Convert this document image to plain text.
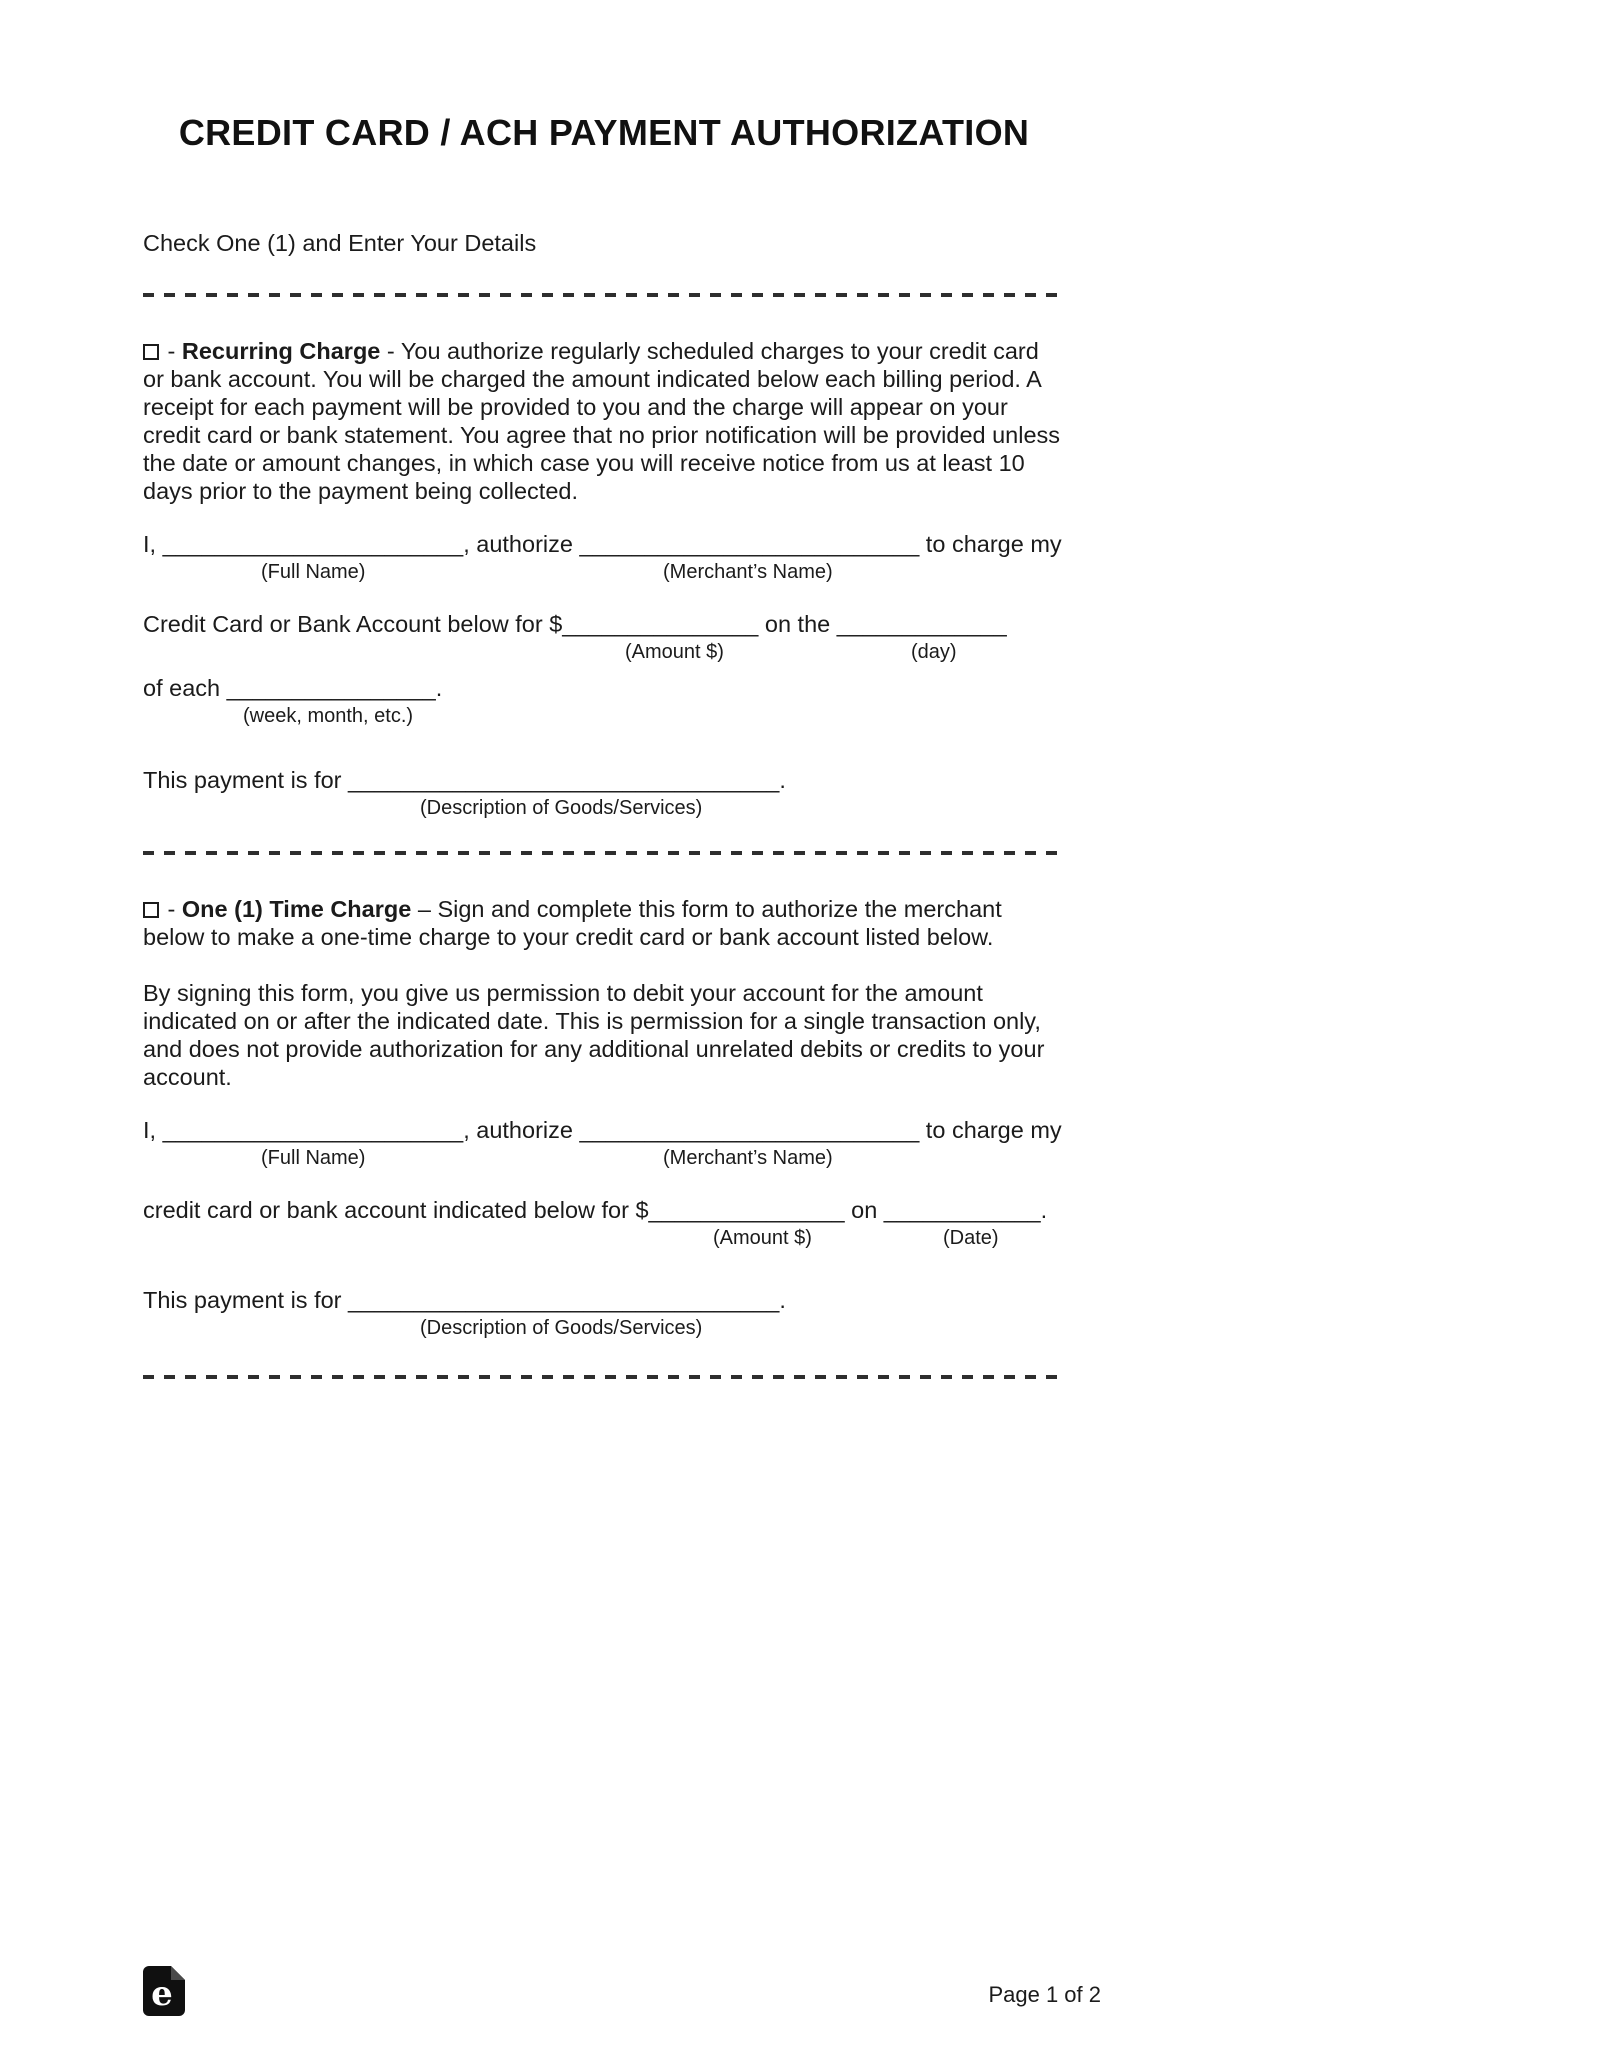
CREDIT CARD / ACH PAYMENT AUTHORIZATION
Check One (1) and Enter Your Details

- Recurring Charge - You authorize regularly scheduled charges to your credit card or bank account. You will be charged the amount indicated below each billing period. A receipt for each payment will be provided to you and the charge will appear on your credit card or bank statement. You agree that no prior notification will be provided unless the date or amount changes, in which case you will receive notice from us at least 10 days prior to the payment being collected.

I, _______________________, authorize __________________________ to charge my
(Full Name)	(Merchant’s Name)
Credit Card or Bank Account below for $_______________ on the _____________
(Amount $)	(day)
of each ________________.
(week, month, etc.)
This payment is for _________________________________.
(Description of Goods/Services)

- One (1) Time Charge – Sign and complete this form to authorize the merchant below to make a one-time charge to your credit card or bank account listed below.

By signing this form, you give us permission to debit your account for the amount indicated on or after the indicated date. This is permission for a single transaction only, and does not provide authorization for any additional unrelated debits or credits to your account.

I, _______________________, authorize __________________________ to charge my
(Full Name)	(Merchant’s Name)
credit card or bank account indicated below for $_______________ on ____________.
(Amount $)	(Date)
This payment is for _________________________________.
(Description of Goods/Services)
e	Page 1 of 2
